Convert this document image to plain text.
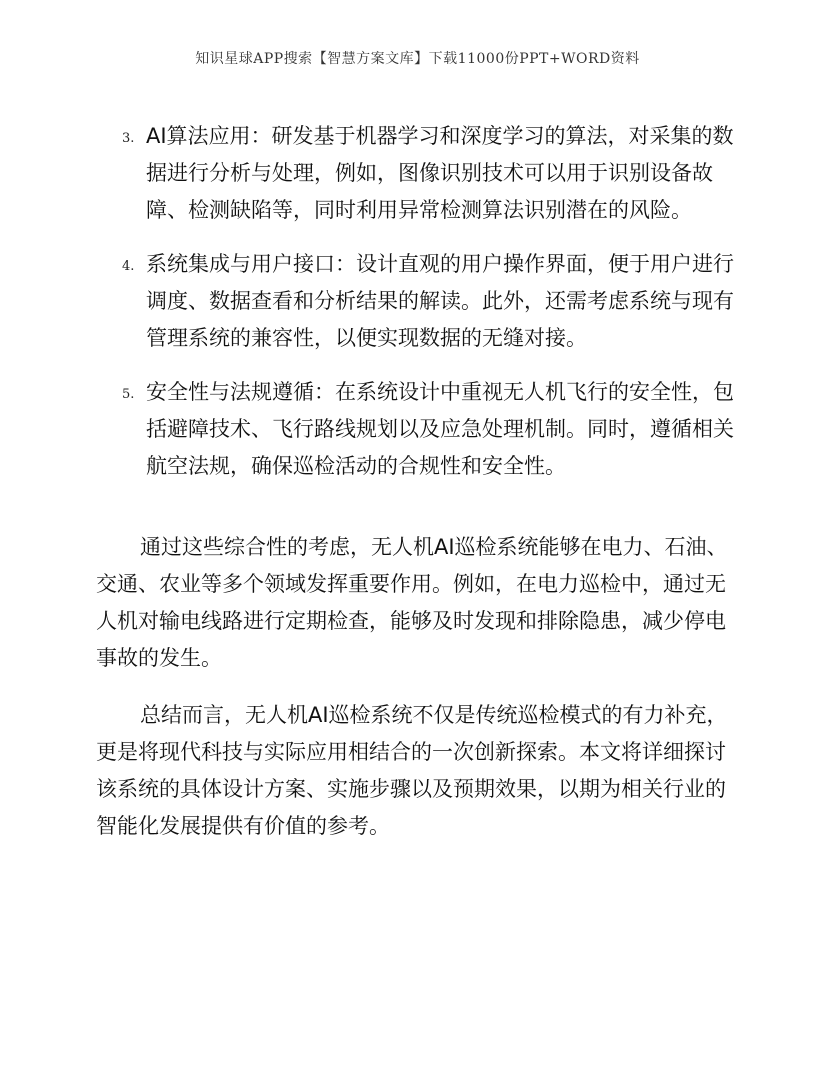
知识星球APP搜索【智慧方案文库】下载11000份PPT+WORD资料
3. AI算法应用：研发基于机器学习和深度学习的算法，对采集的数据进行分析与处理，例如，图像识别技术可以用于识别设备故障、检测缺陷等，同时利用异常检测算法识别潜在的风险。
4. 系统集成与用户接口：设计直观的用户操作界面，便于用户进行调度、数据查看和分析结果的解读。此外，还需考虑系统与现有管理系统的兼容性，以便实现数据的无缝对接。
5. 安全性与法规遵循：在系统设计中重视无人机飞行的安全性，包括避障技术、飞行路线规划以及应急处理机制。同时，遵循相关航空法规，确保巡检活动的合规性和安全性。

通过这些综合性的考虑，无人机AI巡检系统能够在电力、石油、交通、农业等多个领域发挥重要作用。例如，在电力巡检中，通过无人机对输电线路进行定期检查，能够及时发现和排除隐患，减少停电事故的发生。

总结而言，无人机AI巡检系统不仅是传统巡检模式的有力补充，更是将现代科技与实际应用相结合的一次创新探索。本文将详细探讨该系统的具体设计方案、实施步骤以及预期效果，以期为相关行业的智能化发展提供有价值的参考。
